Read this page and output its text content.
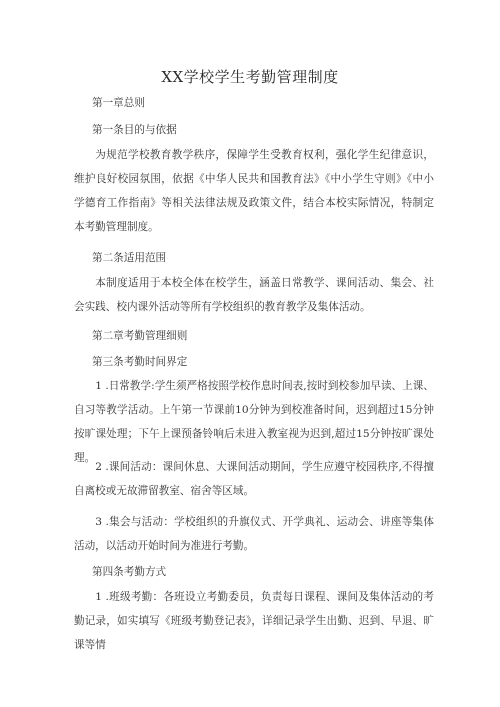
XX学校学生考勤管理制度
第一章总则
第一条目的与依据
为规范学校教育教学秩序，保障学生受教育权利，强化学生纪律意识，维护良好校园氛围，依据《中华人民共和国教育法》《中小学生守则》《中小学德育工作指南》等相关法律法规及政策文件，结合本校实际情况，特制定本考勤管理制度。
第二条适用范围
本制度适用于本校全体在校学生，涵盖日常教学、课间活动、集会、社会实践、校内课外活动等所有学校组织的教育教学及集体活动。
第二章考勤管理细则
第三条考勤时间界定
1 .日常教学:学生须严格按照学校作息时间表,按时到校参加早读、上课、自习等教学活动。上午第一节课前10分钟为到校准备时间，迟到超过15分钟按旷课处理；下午上课预备铃响后未进入教室视为迟到,超过15分钟按旷课处理。
2 .课间活动：课间休息、大课间活动期间，学生应遵守校园秩序,不得擅自离校或无故滞留教室、宿舍等区域。
3 .集会与活动：学校组织的升旗仪式、开学典礼、运动会、讲座等集体活动，以活动开始时间为准进行考勤。
第四条考勤方式
1 .班级考勤：各班设立考勤委员，负责每日课程、课间及集体活动的考勤记录，如实填写《班级考勤登记表》，详细记录学生出勤、迟到、早退、旷课等情
